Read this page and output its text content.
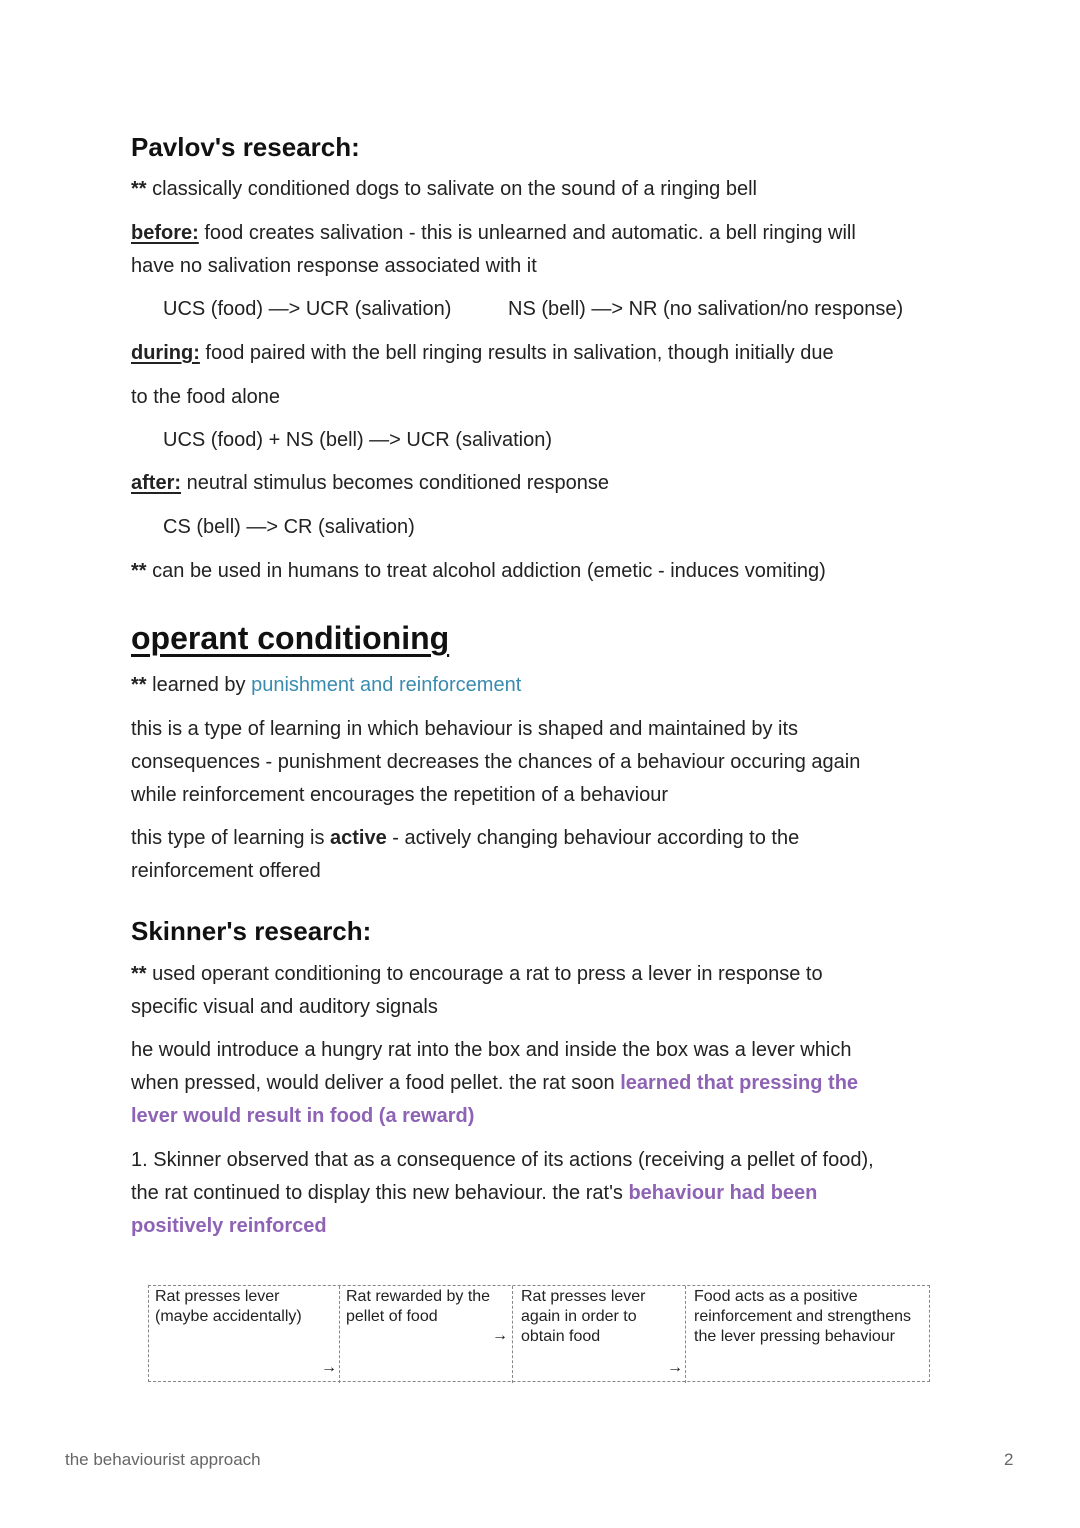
Pavlov's research:
** classically conditioned dogs to salivate on the sound of a ringing bell
before: food creates salivation - this is unlearned and automatic. a bell ringing will
have no salivation response associated with it
UCS (food) —> UCR (salivation)	NS (bell) —> NR (no salivation/no response)
during: food paired with the bell ringing results in salivation, though initially due
to the food alone
UCS (food) + NS (bell) —> UCR (salivation)
after: neutral stimulus becomes conditioned response
CS (bell) —> CR (salivation)
** can be used in humans to treat alcohol addiction (emetic - induces vomiting)
operant conditioning
** learned by punishment and reinforcement
this is a type of learning in which behaviour is shaped and maintained by its
consequences - punishment decreases the chances of a behaviour occuring again
while reinforcement encourages the repetition of a behaviour
this type of learning is active - actively changing behaviour according to the
reinforcement offered
Skinner's research:
** used operant conditioning to encourage a rat to press a lever in response to
specific visual and auditory signals
he would introduce a hungry rat into the box and inside the box was a lever which
when pressed, would deliver a food pellet. the rat soon learned that pressing the
lever would result in food (a reward)
1. Skinner observed that as a consequence of its actions (receiving a pellet of food),
the rat continued to display this new behaviour. the rat's behaviour had been
positively reinforced
Rat presses lever (maybe accidentally)
Rat rewarded by the pellet of food
Rat presses lever again in order to obtain food
Food acts as a positive reinforcement and strengthens the lever pressing behaviour
→
→
→
the behaviourist approach	2
